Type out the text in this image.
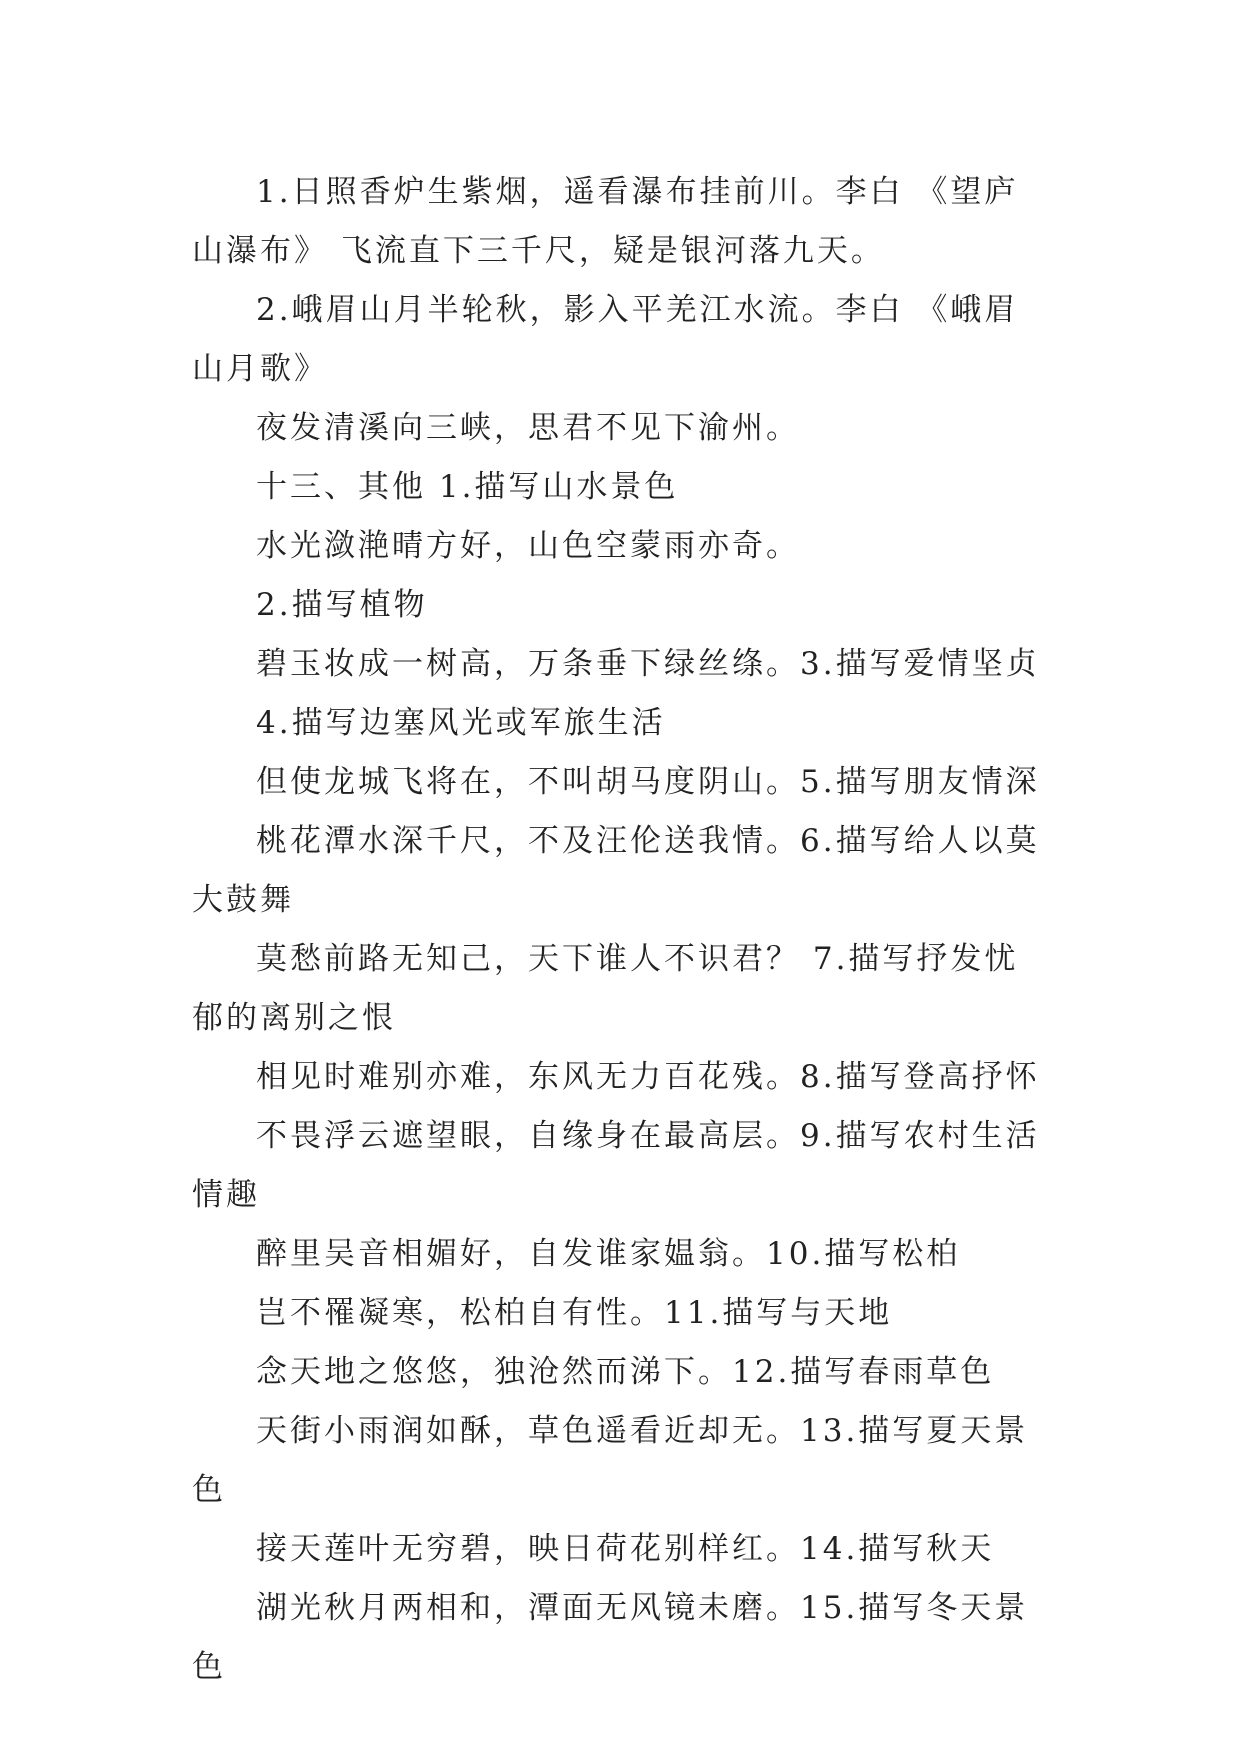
1.日照香炉生紫烟，遥看瀑布挂前川。李白 《望庐山瀑布》 飞流直下三千尺，疑是银河落九天。

2.峨眉山月半轮秋，影入平羌江水流。李白 《峨眉山月歌》

夜发清溪向三峡，思君不见下渝州。

十三、其他 1.描写山水景色

水光潋滟晴方好，山色空蒙雨亦奇。

2.描写植物

碧玉妆成一树高，万条垂下绿丝绦。3.描写爱情坚贞

4.描写边塞风光或军旅生活

但使龙城飞将在，不叫胡马度阴山。5.描写朋友情深

桃花潭水深千尺，不及汪伦送我情。6.描写给人以莫大鼓舞

莫愁前路无知己，天下谁人不识君？ 7.描写抒发忧郁的离别之恨

相见时难别亦难，东风无力百花残。8.描写登高抒怀

不畏浮云遮望眼，自缘身在最高层。9.描写农村生活情趣

醉里吴音相媚好，自发谁家媪翁。10.描写松柏

岂不罹凝寒，松柏自有性。11.描写与天地

念天地之悠悠，独沧然而涕下。12.描写春雨草色

天街小雨润如酥，草色遥看近却无。13.描写夏天景色

接天莲叶无穷碧，映日荷花别样红。14.描写秋天

湖光秋月两相和，潭面无风镜未磨。15.描写冬天景色
